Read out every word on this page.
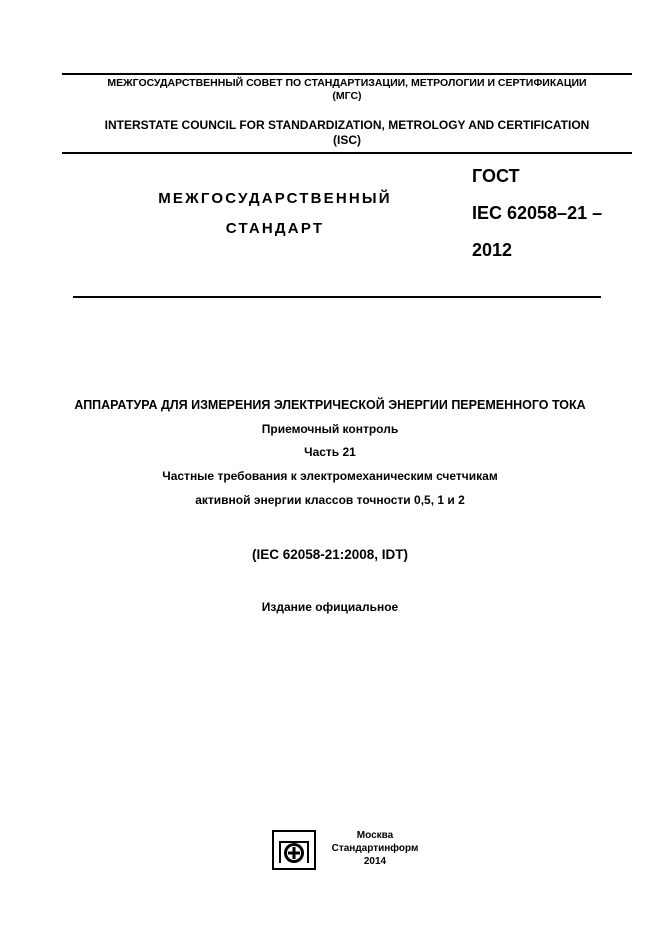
МЕЖГОСУДАРСТВЕННЫЙ СОВЕТ ПО СТАНДАРТИЗАЦИИ, МЕТРОЛОГИИ И СЕРТИФИКАЦИИ
(МГС)
INTERSTATE COUNCIL FOR STANDARDIZATION, METROLOGY AND CERTIFICATION
(ISC)
МЕЖГОСУДАРСТВЕННЫЙ
СТАНДАРТ
ГОСТ
IEC 62058–21 –
2012
АППАРАТУРА ДЛЯ ИЗМЕРЕНИЯ ЭЛЕКТРИЧЕСКОЙ ЭНЕРГИИ ПЕРЕМЕННОГО ТОКА
Приемочный контроль
Часть 21
Частные требования к электромеханическим счетчикам
активной энергии классов точности 0,5, 1 и 2
(IEC 62058-21:2008, IDT)
Издание официальное
Москва
Стандартинформ
2014
